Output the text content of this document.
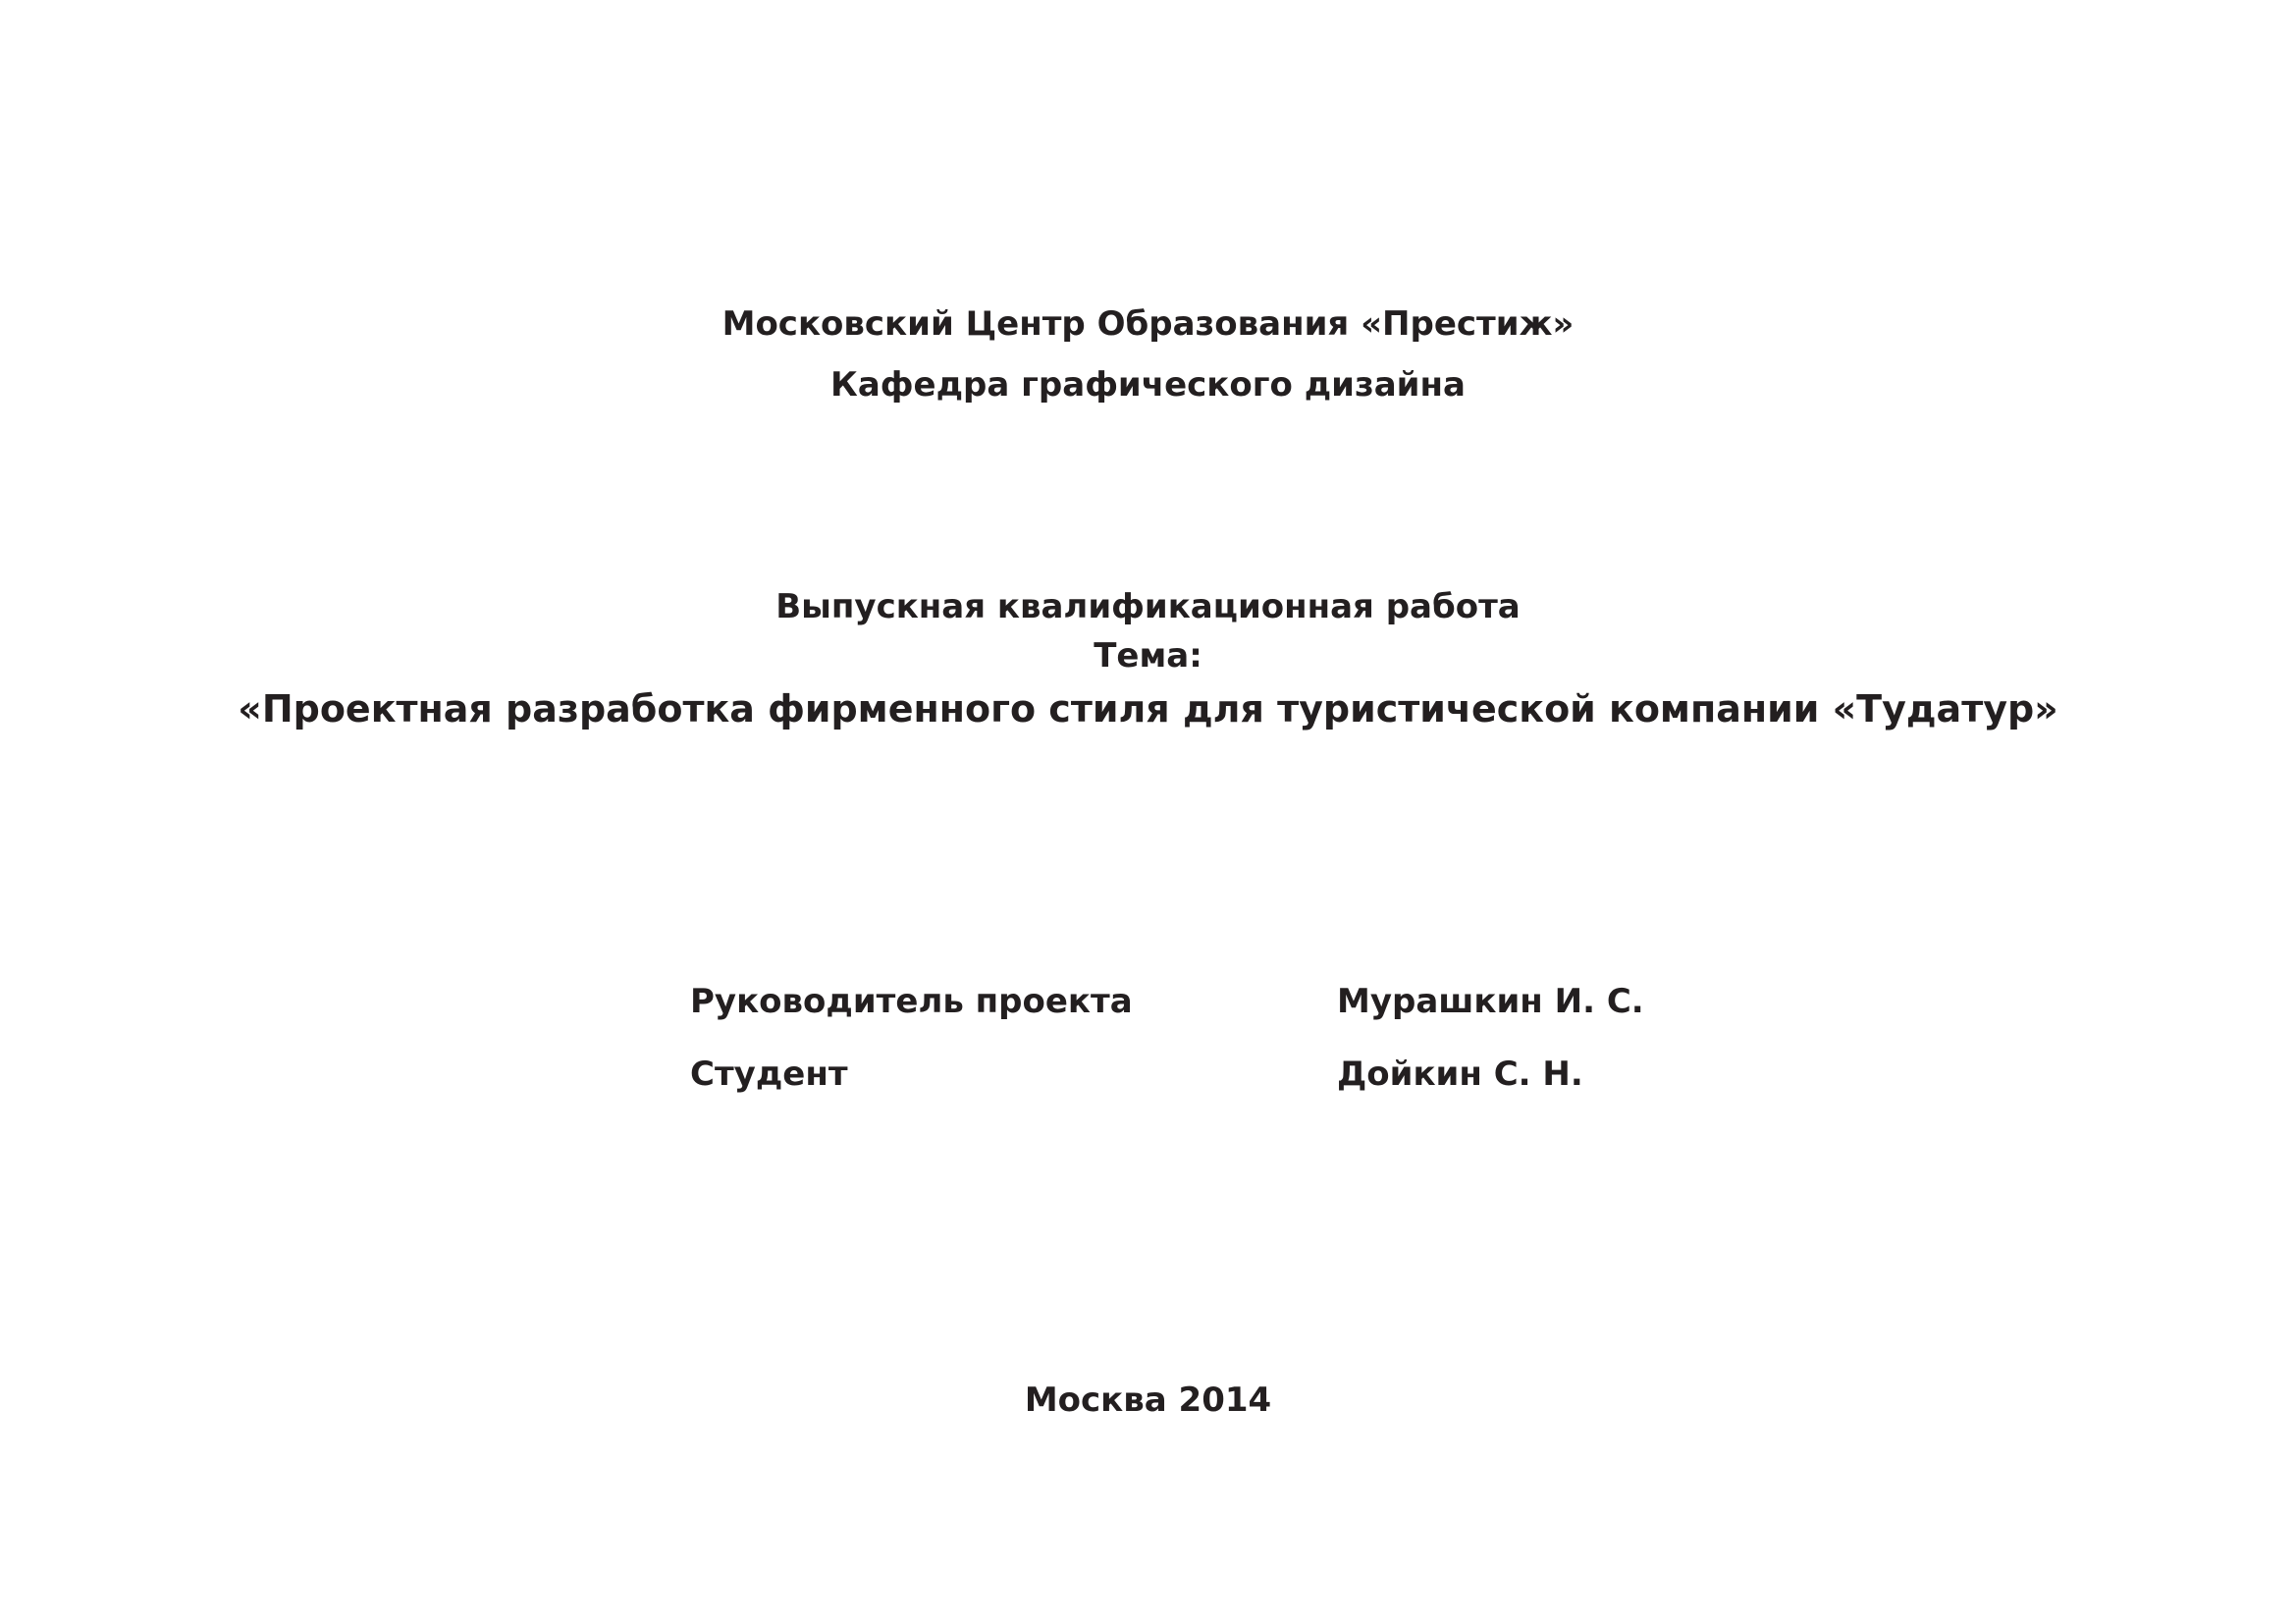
Московский Центр Образования «Престиж»
Кафедра графического дизайна
Выпускная квалификационная работа
Тема:
«Проектная разработка фирменного стиля для туристической компании «Тудатур»
Руководитель проекта	Мурашкин И. С.
Студент	Дойкин С. Н.
Москва 2014
